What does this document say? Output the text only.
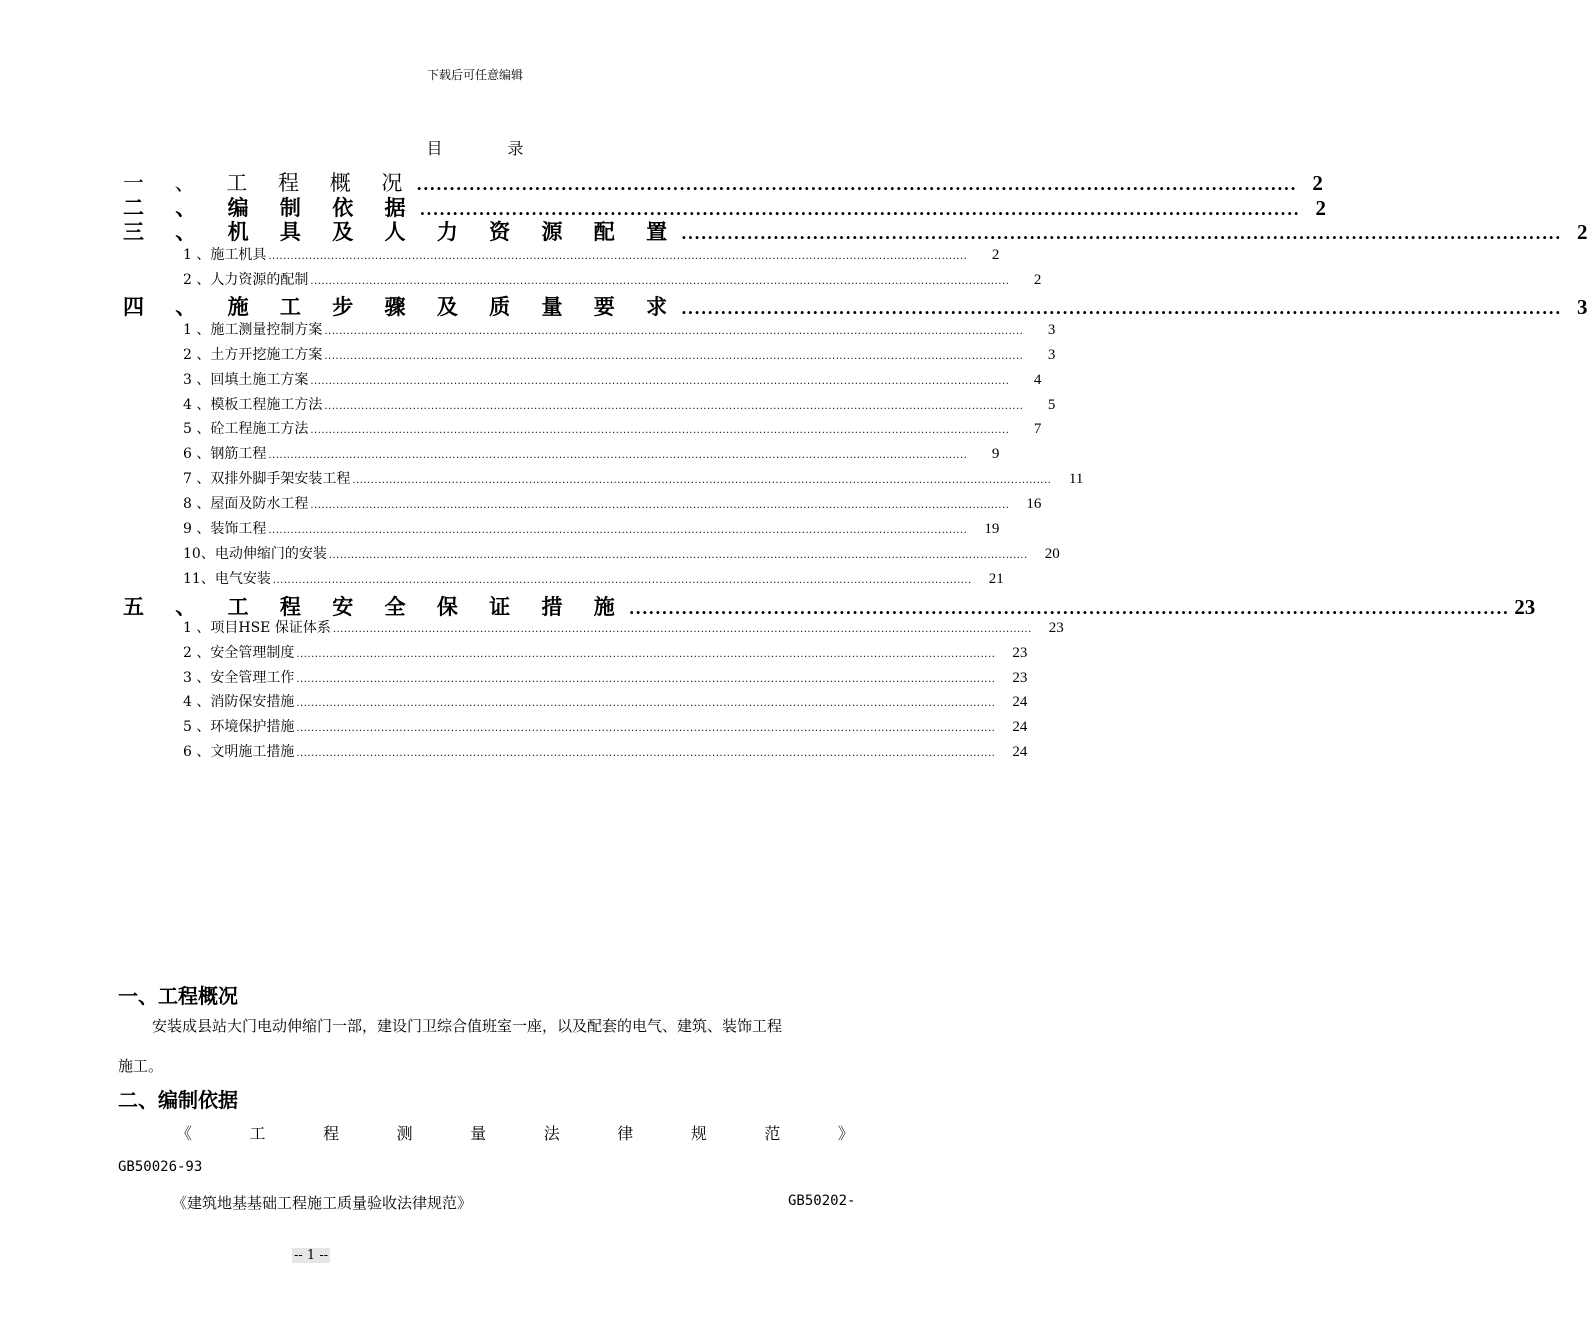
下载后可任意编辑
目 录
一 、 工 程 概 况 ...................................................................................................................................... 2
二 、 编 制 依 据 ...................................................................................................................................... 2
三 、 机 具 及 人 力 资 源 配 置 ...................................................................................................................................... 2
1 、施工机具 ..............................................................................................................................................................................................	2
2 、人力资源的配制 ..............................................................................................................................................................................................	2
四 、 施 工 步 骤 及 质 量 要 求 ...................................................................................................................................... 3
1 、施工测量控制方案 ..............................................................................................................................................................................................	3
2 、土方开挖施工方案 ..............................................................................................................................................................................................	3
3 、回填土施工方案 ..............................................................................................................................................................................................	4
4 、模板工程施工方法 ..............................................................................................................................................................................................	5
5 、砼工程施工方法 ..............................................................................................................................................................................................	7
6 、钢筋工程 ..............................................................................................................................................................................................	9
7 、双排外脚手架安装工程 ..............................................................................................................................................................................................	11
8 、屋面及防水工程 ..............................................................................................................................................................................................	16
9 、装饰工程 ..............................................................................................................................................................................................	19
10、电动伸缩门的安装 ..............................................................................................................................................................................................	20
11、电气安装 ..............................................................................................................................................................................................	21
五 、 工 程 安 全 保 证 措 施 ...................................................................................................................................... 23
1 、项目HSE 保证体系 ..............................................................................................................................................................................................	23
2 、安全管理制度 ..............................................................................................................................................................................................	23
3 、安全管理工作 ..............................................................................................................................................................................................	23
4 、消防保安措施 ..............................................................................................................................................................................................	24
5 、环境保护措施 ..............................................................................................................................................................................................	24
6 、文明施工措施 ..............................................................................................................................................................................................	24
一、工程概况
安装成县站大门电动伸缩门一部，建设门卫综合值班室一座，以及配套的电气、建筑、装饰工程
施工。
二、编制依据
《	工	程	测	量	法	律	规	范	》
GB50026-93
《建筑地基基础工程施工质量验收法律规范》	GB50202-
-- 1 --
